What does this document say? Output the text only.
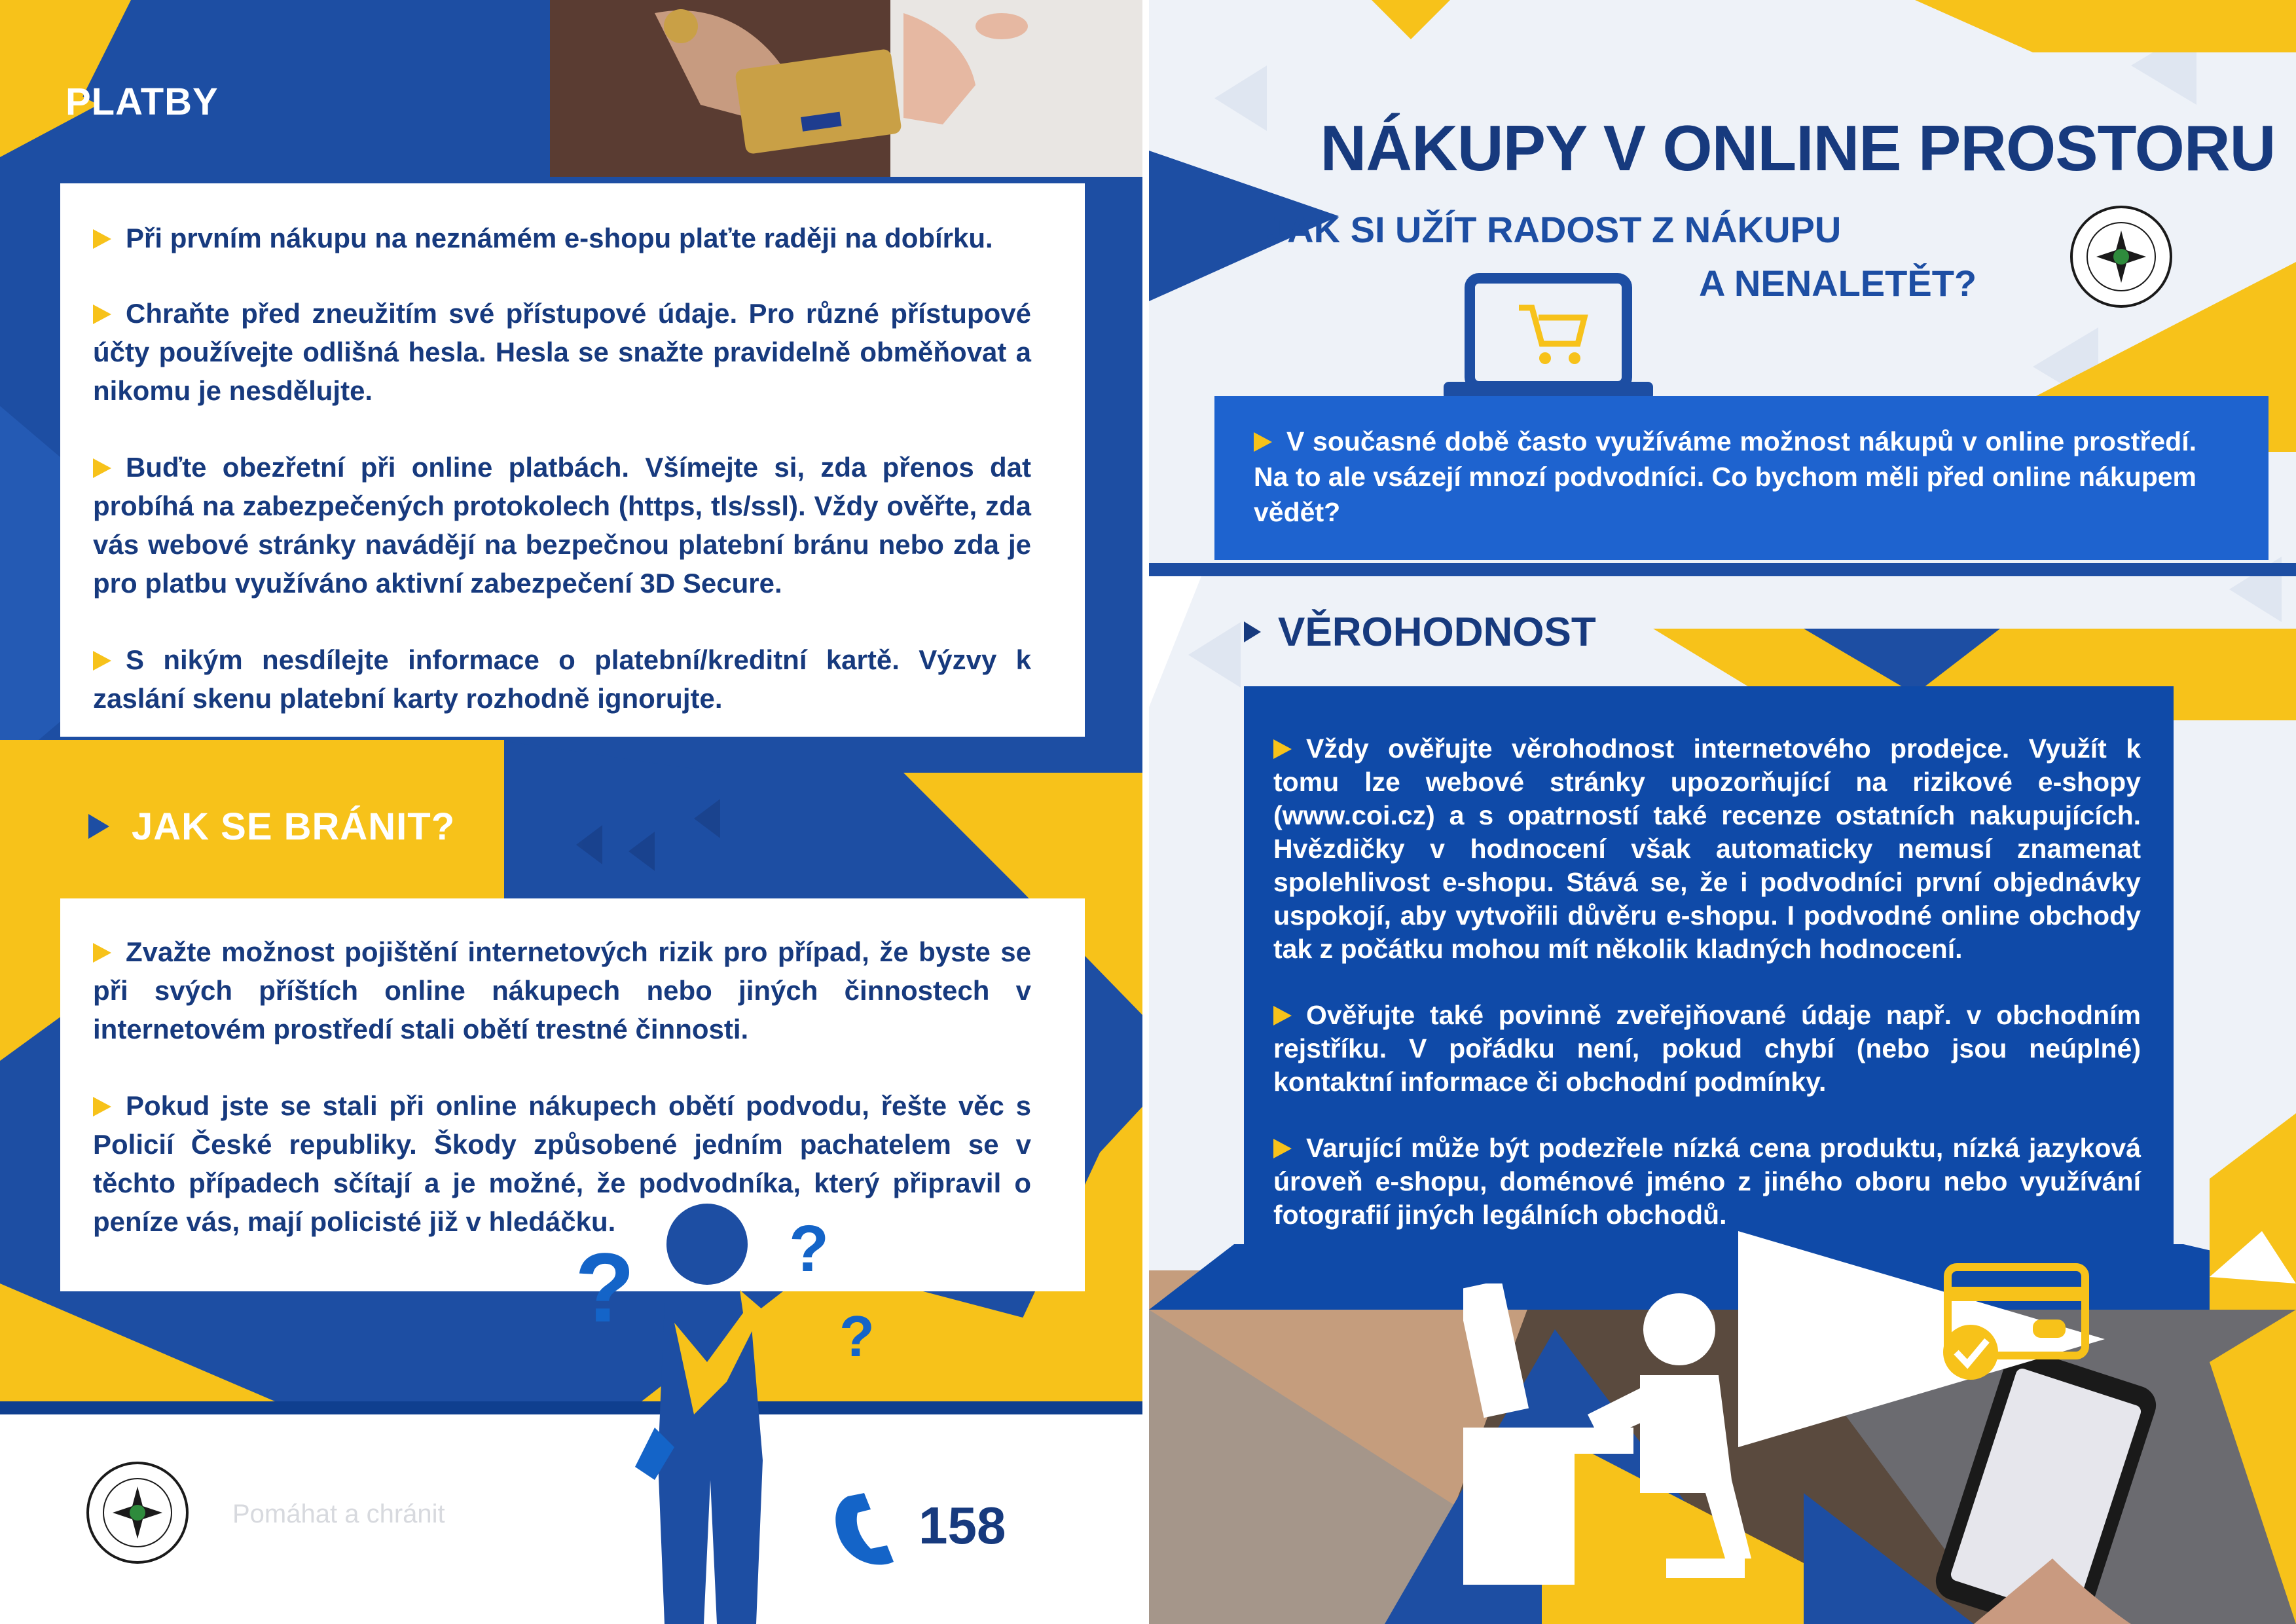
PLATBY

Při prvním nákupu na neznámém e-shopu plaťte raději na dobírku.

Chraňte před zneužitím své přístupové údaje. Pro různé přístupové účty používejte odlišná hesla. Hesla se snažte pravidelně obměňovat a nikomu je nesdělujte.

Buďte obezřetní při online platbách. Všímejte si, zda přenos dat probíhá na zabezpečených protokolech (https, tls/ssl). Vždy ověřte, zda vás webové stránky navádějí na bezpečnou platební bránu nebo zda je pro platbu využíváno aktivní zabezpečení 3D Secure.

S nikým nesdílejte informace o platební/kreditní kartě. Výzvy k zaslání skenu platební karty rozhodně ignorujte.

JAK SE BRÁNIT?

Zvažte možnost pojištění internetových rizik pro případ, že byste se při svých příštích online nákupech nebo jiných činnostech v internetovém prostředí stali obětí trestné činnosti.

Pokud jste se stali při online nákupech obětí podvodu, řešte věc s Policií České republiky. Škody způsobené jedním pachatelem se v těchto případech sčítají a je možné, že podvodníka, který připravil o peníze vás, mají policisté již v hledáčku.

? ?
?
Pomáhat a chránit	158
NÁKUPY V ONLINE PROSTORU
JAK SI UŽÍT RADOST Z NÁKUPU
A NENALETĚT?

V současné době často využíváme možnost nákupů v online prostředí. Na to ale vsázejí mnozí podvodníci. Co bychom měli před online nákupem vědět?

VĚROHODNOST

Vždy ověřujte věrohodnost internetového prodejce. Využít k tomu lze webové stránky upozorňující na rizikové e-shopy (www.coi.cz) a s opatrností také recenze ostatních nakupujících. Hvězdičky v hodnocení však automaticky nemusí znamenat spolehlivost e-shopu. Stává se, že i podvodníci první objednávky uspokojí, aby vytvořili důvěru e-shopu. I podvodné online obchody tak z počátku mohou mít několik kladných hodnocení.

Ověřujte také povinně zveřejňované údaje např. v obchodním rejstříku. V pořádku není, pokud chybí (nebo jsou neúplné) kontaktní informace či obchodní podmínky.

Varující může být podezřele nízká cena produktu, nízká jazyková úroveň e-shopu, doménové jméno z jiného oboru nebo využívání fotografií jiných legálních obchodů.
